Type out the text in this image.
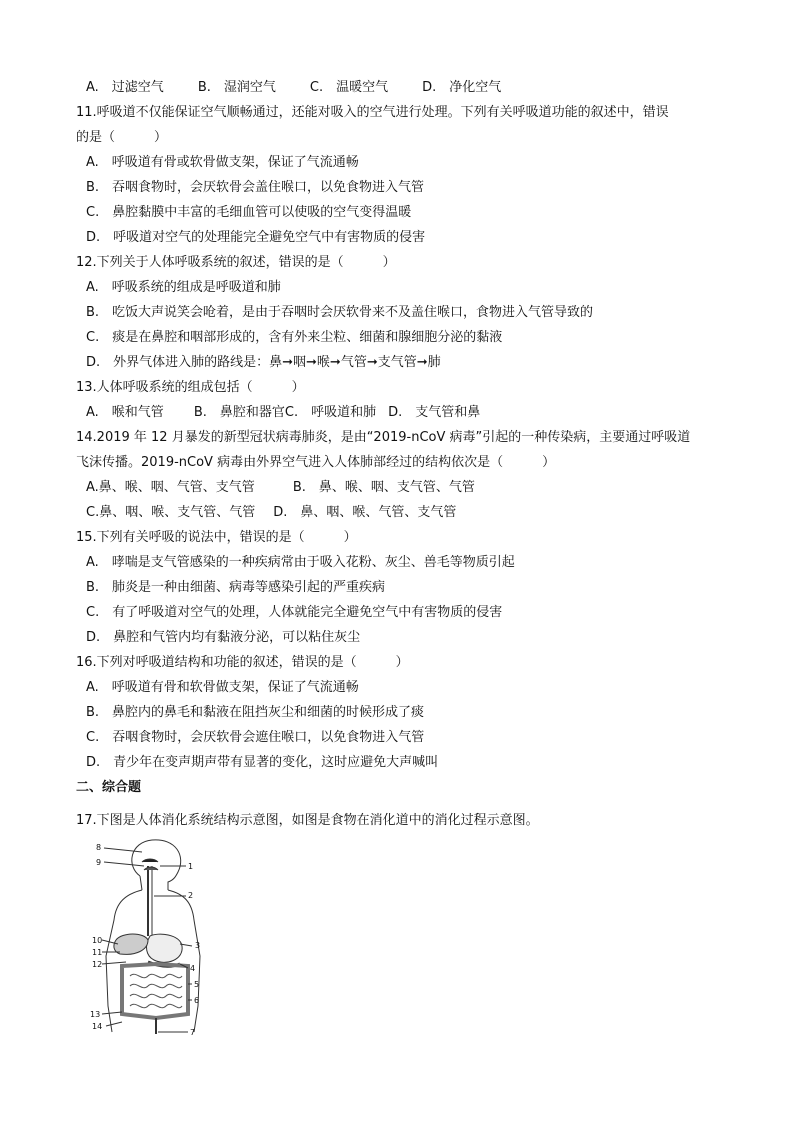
A.　过滤空气	B.　湿润空气	C.　温暖空气	D.　净化空气
11.呼吸道不仅能保证空气顺畅通过，还能对吸入的空气进行处理。下列有关呼吸道功能的叙述中，错误
的是（　　　）
A.　呼吸道有骨或软骨做支架，保证了气流通畅
B.　吞咽食物时，会厌软骨会盖住喉口，以免食物进入气管
C.　鼻腔黏膜中丰富的毛细血管可以使吸的空气变得温暖
D.　呼吸道对空气的处理能完全避免空气中有害物质的侵害
12.下列关于人体呼吸系统的叙述，错误的是（　　　）
A.　呼吸系统的组成是呼吸道和肺
B.　吃饭大声说笑会呛着，是由于吞咽时会厌软骨来不及盖住喉口，食物进入气管导致的
C.　痰是在鼻腔和咽部形成的，含有外来尘粒、细菌和腺细胞分泌的黏液
D.　外界气体进入肺的路线是：鼻➞咽➞喉➞气管➞支气管➞肺
13.人体呼吸系统的组成包括（　　　）
A.　喉和气管 B.　鼻腔和器官C.　呼吸道和肺 D.　支气管和鼻
14.2019 年 12 月暴发的新型冠状病毒肺炎，是由“2019-nCoV 病毒”引起的一种传染病，主要通过呼吸道
飞沫传播。2019-nCoV 病毒由外界空气进入人体肺部经过的结构依次是（　　　）
A.鼻、喉、咽、气管、支气管	B.　鼻、喉、咽、支气管、气管
C.鼻、咽、喉、支气管、气管 D.　鼻、咽、喉、气管、支气管
15.下列有关呼吸的说法中，错误的是（　　　）
A.　哮喘是支气管感染的一种疾病常由于吸入花粉、灰尘、兽毛等物质引起
B.　肺炎是一种由细菌、病毒等感染引起的严重疾病
C.　有了呼吸道对空气的处理，人体就能完全避免空气中有害物质的侵害
D.　鼻腔和气管内均有黏液分泌，可以粘住灰尘
16.下列对呼吸道结构和功能的叙述，错误的是（　　　）
A.　呼吸道有骨和软骨做支架，保证了气流通畅
B.　鼻腔内的鼻毛和黏液在阻挡灰尘和细菌的时候形成了痰
C.　吞咽食物时，会厌软骨会遮住喉口，以免食物进入气管
D.　青少年在变声期声带有显著的变化，这时应避免大声喊叫
二、综合题
17.下图是人体消化系统结构示意图，如图是食物在消化道中的消化过程示意图。
8
9	1
2
3
10
11
12	4
5
6
13
14
7
